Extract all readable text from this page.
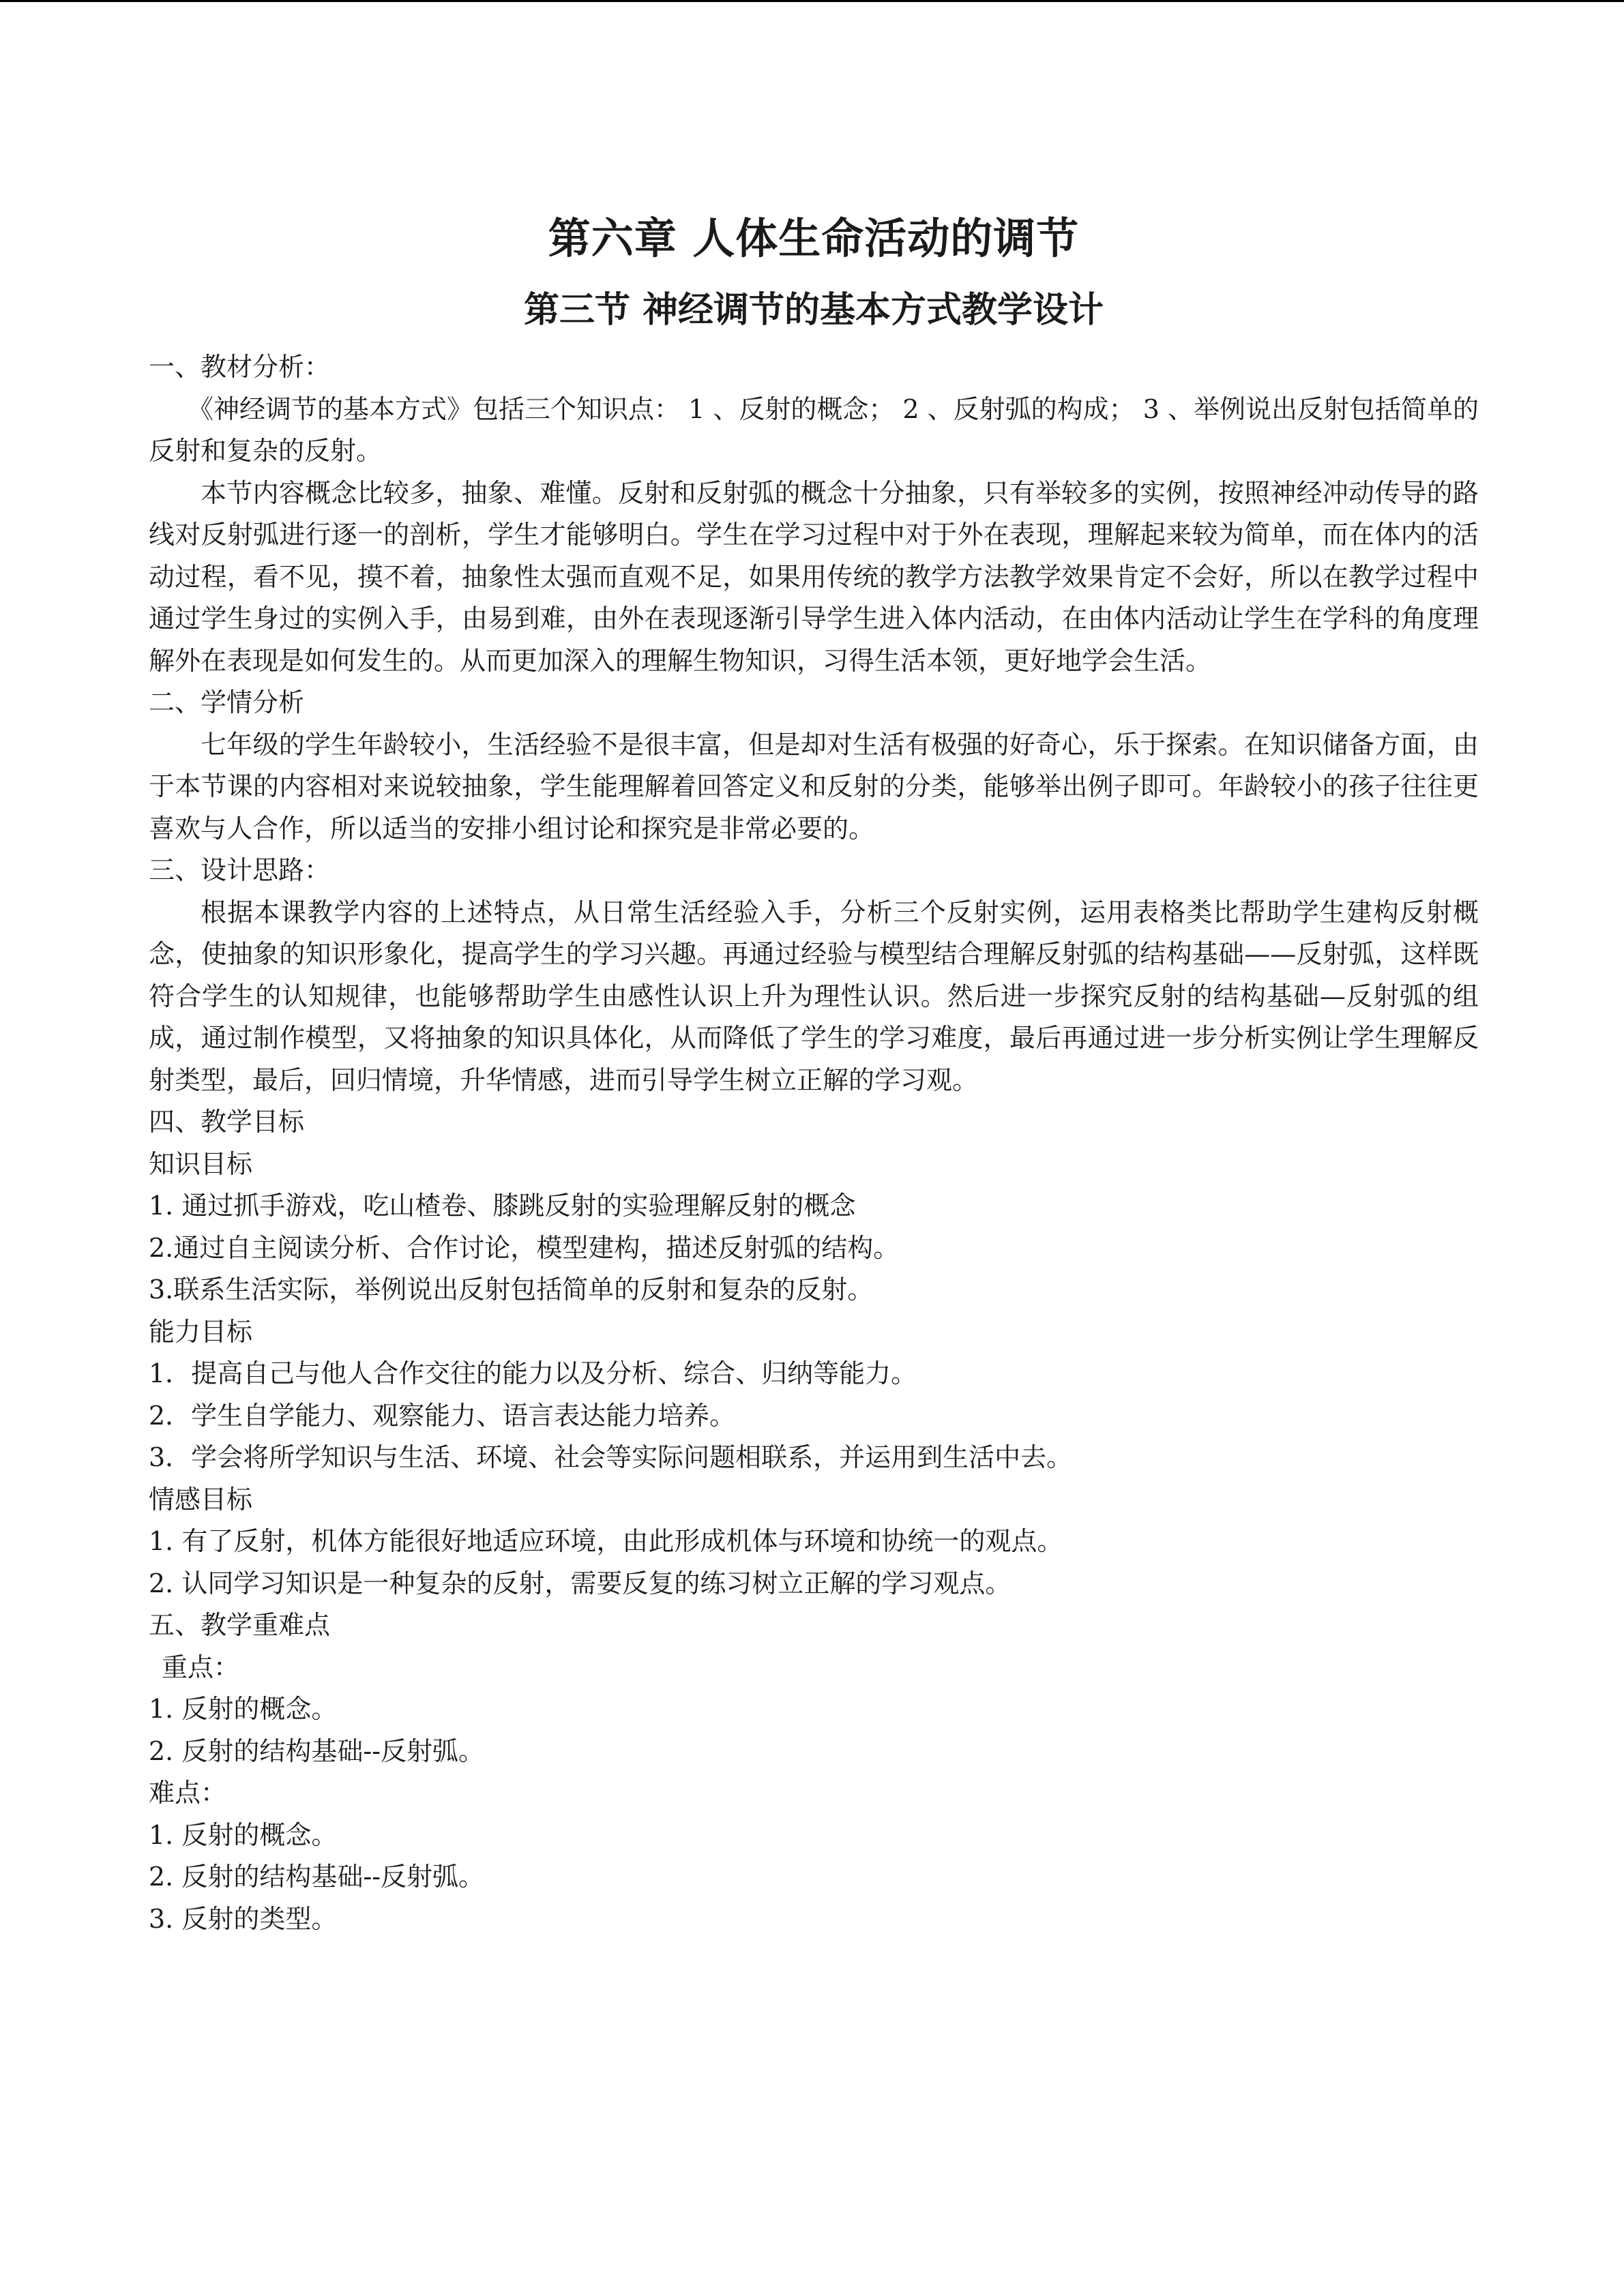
第六章 人体生命活动的调节
第三节 神经调节的基本方式教学设计

一、教材分析：

《神经调节的基本方式》包括三个知识点： 1 、反射的概念； 2 、反射弧的构成； 3 、举例说出反射包括简单的反射和复杂的反射。

本节内容概念比较多，抽象、难懂。反射和反射弧的概念十分抽象，只有举较多的实例，按照神经冲动传导的路线对反射弧进行逐一的剖析，学生才能够明白。学生在学习过程中对于外在表现，理解起来较为简单，而在体内的活动过程，看不见，摸不着，抽象性太强而直观不足，如果用传统的教学方法教学效果肯定不会好，所以在教学过程中通过学生身过的实例入手，由易到难，由外在表现逐渐引导学生进入体内活动，在由体内活动让学生在学科的角度理解外在表现是如何发生的。从而更加深入的理解生物知识，习得生活本领，更好地学会生活。

二、学情分析

七年级的学生年龄较小，生活经验不是很丰富，但是却对生活有极强的好奇心，乐于探索。在知识储备方面，由于本节课的内容相对来说较抽象，学生能理解着回答定义和反射的分类，能够举出例子即可。年龄较小的孩子往往更喜欢与人合作，所以适当的安排小组讨论和探究是非常必要的。

三、设计思路：

根据本课教学内容的上述特点，从日常生活经验入手，分析三个反射实例，运用表格类比帮助学生建构反射概念，使抽象的知识形象化，提高学生的学习兴趣。再通过经验与模型结合理解反射弧的结构基础——反射弧，这样既符合学生的认知规律，也能够帮助学生由感性认识上升为理性认识。然后进一步探究反射的结构基础—反射弧的组成，通过制作模型，又将抽象的知识具体化，从而降低了学生的学习难度，最后再通过进一步分析实例让学生理解反射类型，最后，回归情境，升华情感，进而引导学生树立正解的学习观。

四、教学目标

知识目标

1. 通过抓手游戏，吃山楂卷、膝跳反射的实验理解反射的概念

2.通过自主阅读分析、合作讨论，模型建构，描述反射弧的结构。

3.联系生活实际，举例说出反射包括简单的反射和复杂的反射。

能力目标

1．提高自己与他人合作交往的能力以及分析、综合、归纳等能力。

2．学生自学能力、观察能力、语言表达能力培养。

3．学会将所学知识与生活、环境、社会等实际问题相联系，并运用到生活中去。

情感目标

1. 有了反射，机体方能很好地适应环境，由此形成机体与环境和协统一的观点。

2. 认同学习知识是一种复杂的反射，需要反复的练习树立正解的学习观点。

五、教学重难点

重点：

1. 反射的概念。

2. 反射的结构基础--反射弧。

难点：

1. 反射的概念。

2. 反射的结构基础--反射弧。

3. 反射的类型。
